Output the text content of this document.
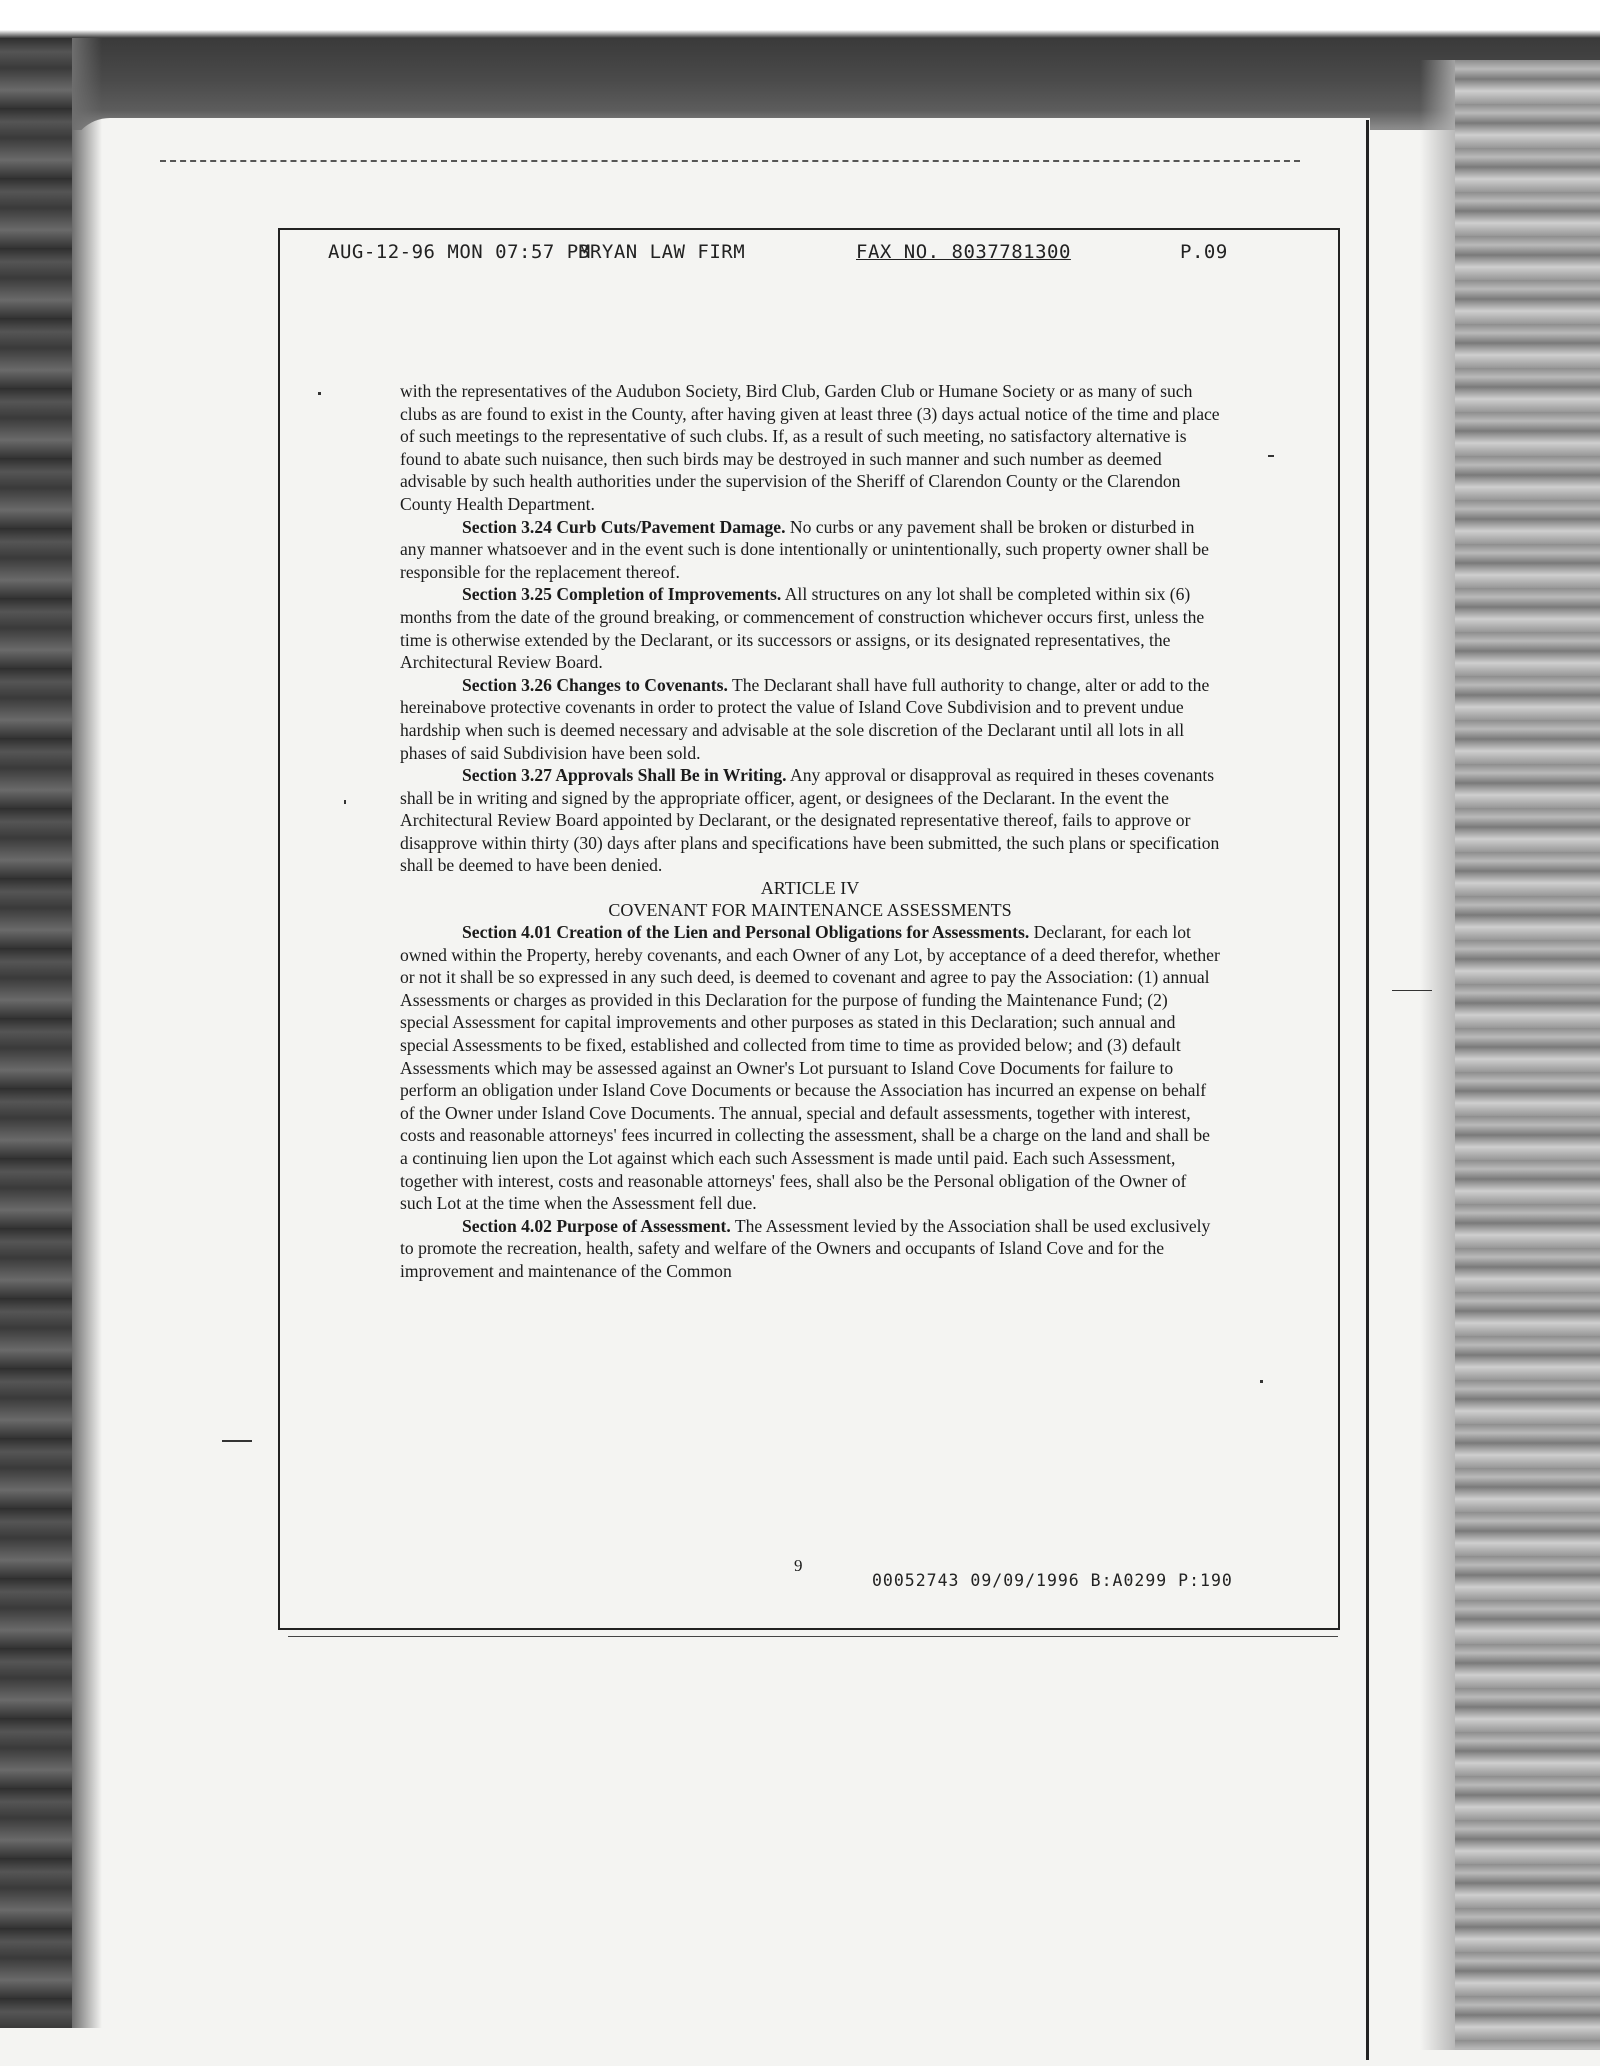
AUG-12-96 MON 07:57 PM

BRYAN LAW FIRM

	FAX NO. 8037781300

	P.09

with the representatives of the Audubon Society, Bird Club, Garden Club or Humane Society or as many of such clubs as are found to exist in the County, after having given at least three (3) days actual notice of the time and place of such meetings to the representative of such clubs. If, as a result of such meeting, no satisfactory alternative is found to abate such nuisance, then such birds may be destroyed in such manner and such number as deemed advisable by such health authorities under the supervision of the Sheriff of Clarendon County or the Clarendon County Health Department.

Section 3.24 Curb Cuts/Pavement Damage. No curbs or any pavement shall be broken or disturbed in any manner whatsoever and in the event such is done intentionally or unintentionally, such property owner shall be responsible for the replacement thereof.

Section 3.25 Completion of Improvements. All structures on any lot shall be completed within six (6) months from the date of the ground breaking, or commencement of construction whichever occurs first, unless the time is otherwise extended by the Declarant, or its successors or assigns, or its designated representatives, the Architectural Review Board.

Section 3.26 Changes to Covenants. The Declarant shall have full authority to change, alter or add to the hereinabove protective covenants in order to protect the value of Island Cove Subdivision and to prevent undue hardship when such is deemed necessary and advisable at the sole discretion of the Declarant until all lots in all phases of said Subdivision have been sold.

Section 3.27 Approvals Shall Be in Writing. Any approval or disapproval as required in theses covenants shall be in writing and signed by the appropriate officer, agent, or designees of the Declarant. In the event the Architectural Review Board appointed by Declarant, or the designated representative thereof, fails to approve or disapprove within thirty (30) days after plans and specifications have been submitted, the such plans or specification shall be deemed to have been denied.

ARTICLE IV

COVENANT FOR MAINTENANCE ASSESSMENTS

Section 4.01 Creation of the Lien and Personal Obligations for Assessments. Declarant, for each lot owned within the Property, hereby covenants, and each Owner of any Lot, by acceptance of a deed therefor, whether or not it shall be so expressed in any such deed, is deemed to covenant and agree to pay the Association: (1) annual Assessments or charges as provided in this Declaration for the purpose of funding the Maintenance Fund; (2) special Assessment for capital improvements and other purposes as stated in this Declaration; such annual and special Assessments to be fixed, established and collected from time to time as provided below; and (3) default Assessments which may be assessed against an Owner's Lot pursuant to Island Cove Documents for failure to perform an obligation under Island Cove Documents or because the Association has incurred an expense on behalf of the Owner under Island Cove Documents. The annual, special and default assessments, together with interest, costs and reasonable attorneys' fees incurred in collecting the assessment, shall be a charge on the land and shall be a continuing lien upon the Lot against which each such Assessment is made until paid. Each such Assessment, together with interest, costs and reasonable attorneys' fees, shall also be the Personal obligation of the Owner of such Lot at the time when the Assessment fell due.

Section 4.02 Purpose of Assessment. The Assessment levied by the Association shall be used exclusively to promote the recreation, health, safety and welfare of the Owners and occupants of Island Cove and for the improvement and maintenance of the Common

9
00052743 09/09/1996 B:A0299 P:190
